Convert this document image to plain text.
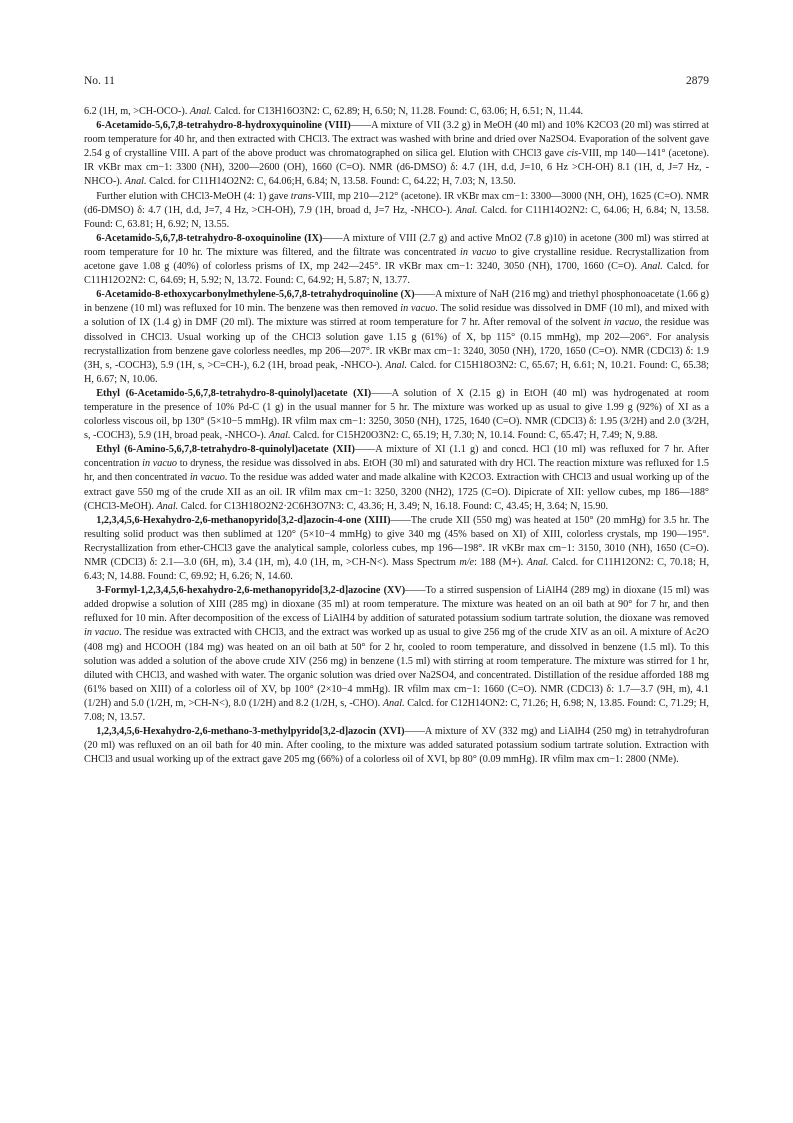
No. 11	2879

6.2 (1H, m, >CH-OCO-). Anal. Calcd. for C13H16O3N2: C, 62.89; H, 6.50; N, 11.28. Found: C, 63.06; H, 6.51; N, 11.44.

6-Acetamido-5,6,7,8-tetrahydro-8-hydroxyquinoline (VIII)——A mixture of VII (3.2 g) in MeOH (40 ml) and 10% K2CO3 (20 ml) was stirred at room temperature for 40 hr, and then extracted with CHCl3. The extract was washed with brine and dried over Na2SO4. Evaporation of the solvent gave 2.54 g of crystalline VIII. A part of the above product was chromatographed on silica gel. Elution with CHCl3 gave cis-VIII, mp 140—141° (acetone). IR νKBr max cm−1: 3300 (NH), 3200—2600 (OH), 1660 (C=O). NMR (d6-DMSO) δ: 4.7 (1H, d.d, J=10, 6 Hz >CH-OH) 8.1 (1H, d, J=7 Hz, -NHCO-). Anal. Calcd. for C11H14O2N2: C, 64.06;H, 6.84; N, 13.58. Found: C, 64.22; H, 7.03; N, 13.50.

Further elution with CHCl3-MeOH (4: 1) gave trans-VIII, mp 210—212° (acetone). IR νKBr max cm−1: 3300—3000 (NH, OH), 1625 (C=O). NMR (d6-DMSO) δ: 4.7 (1H, d.d, J=7, 4 Hz, >CH-OH), 7.9 (1H, broad d, J=7 Hz, -NHCO-). Anal. Calcd. for C11H14O2N2: C, 64.06; H, 6.84; N, 13.58. Found: C, 63.81; H, 6.92; N, 13.55.

6-Acetamido-5,6,7,8-tetrahydro-8-oxoquinoline (IX)——A mixture of VIII (2.7 g) and active MnO2 (7.8 g)10) in acetone (300 ml) was stirred at room temperature for 10 hr. The mixture was filtered, and the filtrate was concentrated in vacuo to give crystalline residue. Recrystallization from acetone gave 1.08 g (40%) of colorless prisms of IX, mp 242—245°. IR νKBr max cm−1: 3240, 3050 (NH), 1700, 1660 (C=O). Anal. Calcd. for C11H12O2N2: C, 64.69; H, 5.92; N, 13.72. Found: C, 64.92; H, 5.87; N, 13.77.

6-Acetamido-8-ethoxycarbonylmethylene-5,6,7,8-tetrahydroquinoline (X)——A mixture of NaH (216 mg) and triethyl phosphonoacetate (1.66 g) in benzene (10 ml) was refluxed for 10 min. The benzene was then removed in vacuo. The solid residue was dissolved in DMF (10 ml), and mixed with a solution of IX (1.4 g) in DMF (20 ml). The mixture was stirred at room temperature for 7 hr. After removal of the solvent in vacuo, the residue was dissolved in CHCl3. Usual working up of the CHCl3 solution gave 1.15 g (61%) of X, bp 115° (0.15 mmHg), mp 202—206°. For analysis recrystallization from benzene gave colorless needles, mp 206—207°. IR νKBr max cm−1: 3240, 3050 (NH), 1720, 1650 (C=O). NMR (CDCl3) δ: 1.9 (3H, s, -COCH3), 5.9 (1H, s, >C=CH-), 6.2 (1H, broad peak, -NHCO-). Anal. Calcd. for C15H18O3N2: C, 65.67; H, 6.61; N, 10.21. Found: C, 65.38; H, 6.67; N, 10.06.

Ethyl (6-Acetamido-5,6,7,8-tetrahydro-8-quinolyl)acetate (XI)——A solution of X (2.15 g) in EtOH (40 ml) was hydrogenated at room temperature in the presence of 10% Pd-C (1 g) in the usual manner for 5 hr. The mixture was worked up as usual to give 1.99 g (92%) of XI as a colorless viscous oil, bp 130° (5×10−5 mmHg). IR νfilm max cm−1: 3250, 3050 (NH), 1725, 1640 (C=O). NMR (CDCl3) δ: 1.95 (3/2H) and 2.0 (3/2H, s, -COCH3), 5.9 (1H, broad peak, -NHCO-). Anal. Calcd. for C15H20O3N2: C, 65.19; H, 7.30; N, 10.14. Found: C, 65.47; H, 7.49; N, 9.88.

Ethyl (6-Amino-5,6,7,8-tetrahydro-8-quinolyl)acetate (XII)——A mixture of XI (1.1 g) and concd. HCl (10 ml) was refluxed for 7 hr. After concentration in vacuo to dryness, the residue was dissolved in abs. EtOH (30 ml) and saturated with dry HCl. The reaction mixture was refluxed for 1.5 hr, and then concentrated in vacuo. To the residue was added water and made alkaline with K2CO3. Extraction with CHCl3 and usual working up of the extract gave 550 mg of the crude XII as an oil. IR νfilm max cm−1: 3250, 3200 (NH2), 1725 (C=O). Dipicrate of XII: yellow cubes, mp 186—188° (CHCl3-MeOH). Anal. Calcd. for C13H18O2N2·2C6H3O7N3: C, 43.36; H, 3.49; N, 16.18. Found: C, 43.45; H, 3.64; N, 15.90.

1,2,3,4,5,6-Hexahydro-2,6-methanopyrido[3,2-d]azocin-4-one (XIII)——The crude XII (550 mg) was heated at 150° (20 mmHg) for 3.5 hr. The resulting solid product was then sublimed at 120° (5×10−4 mmHg) to give 340 mg (45% based on XI) of XIII, colorless crystals, mp 190—195°. Recrystallization from ether-CHCl3 gave the analytical sample, colorless cubes, mp 196—198°. IR νKBr max cm−1: 3150, 3010 (NH), 1650 (C=O). NMR (CDCl3) δ: 2.1—3.0 (6H, m), 3.4 (1H, m), 4.0 (1H, m, >CH-N<). Mass Spectrum m/e: 188 (M+). Anal. Calcd. for C11H12ON2: C, 70.18; H, 6.43; N, 14.88. Found: C, 69.92; H, 6.26; N, 14.60.

3-Formyl-1,2,3,4,5,6-hexahydro-2,6-methanopyrido[3,2-d]azocine (XV)——To a stirred suspension of LiAlH4 (289 mg) in dioxane (15 ml) was added dropwise a solution of XIII (285 mg) in dioxane (35 ml) at room temperature. The mixture was heated on an oil bath at 90° for 7 hr, and then refluxed for 10 min. After decomposition of the excess of LiAlH4 by addition of saturated potassium sodium tartrate solution, the dioxane was removed in vacuo. The residue was extracted with CHCl3, and the extract was worked up as usual to give 256 mg of the crude XIV as an oil. A mixture of Ac2O (408 mg) and HCOOH (184 mg) was heated on an oil bath at 50° for 2 hr, cooled to room temperature, and dissolved in benzene (1.5 ml). To this solution was added a solution of the above crude XIV (256 mg) in benzene (1.5 ml) with stirring at room temperature. The mixture was stirred for 1 hr, diluted with CHCl3, and washed with water. The organic solution was dried over Na2SO4, and concentrated. Distillation of the residue afforded 188 mg (61% based on XIII) of a colorless oil of XV, bp 100° (2×10−4 mmHg). IR νfilm max cm−1: 1660 (C=O). NMR (CDCl3) δ: 1.7—3.7 (9H, m), 4.1 (1/2H) and 5.0 (1/2H, m, >CH-N<), 8.0 (1/2H) and 8.2 (1/2H, s, -CHO). Anal. Calcd. for C12H14ON2: C, 71.26; H, 6.98; N, 13.85. Found: C, 71.29; H, 7.08; N, 13.57.

1,2,3,4,5,6-Hexahydro-2,6-methano-3-methylpyrido[3,2-d]azocin (XVI)——A mixture of XV (332 mg) and LiAlH4 (250 mg) in tetrahydrofuran (20 ml) was refluxed on an oil bath for 40 min. After cooling, to the mixture was added saturated potassium sodium tartrate solution. Extraction with CHCl3 and usual working up of the extract gave 205 mg (66%) of a colorless oil of XVI, bp 80° (0.09 mmHg). IR νfilm max cm−1: 2800 (NMe).
